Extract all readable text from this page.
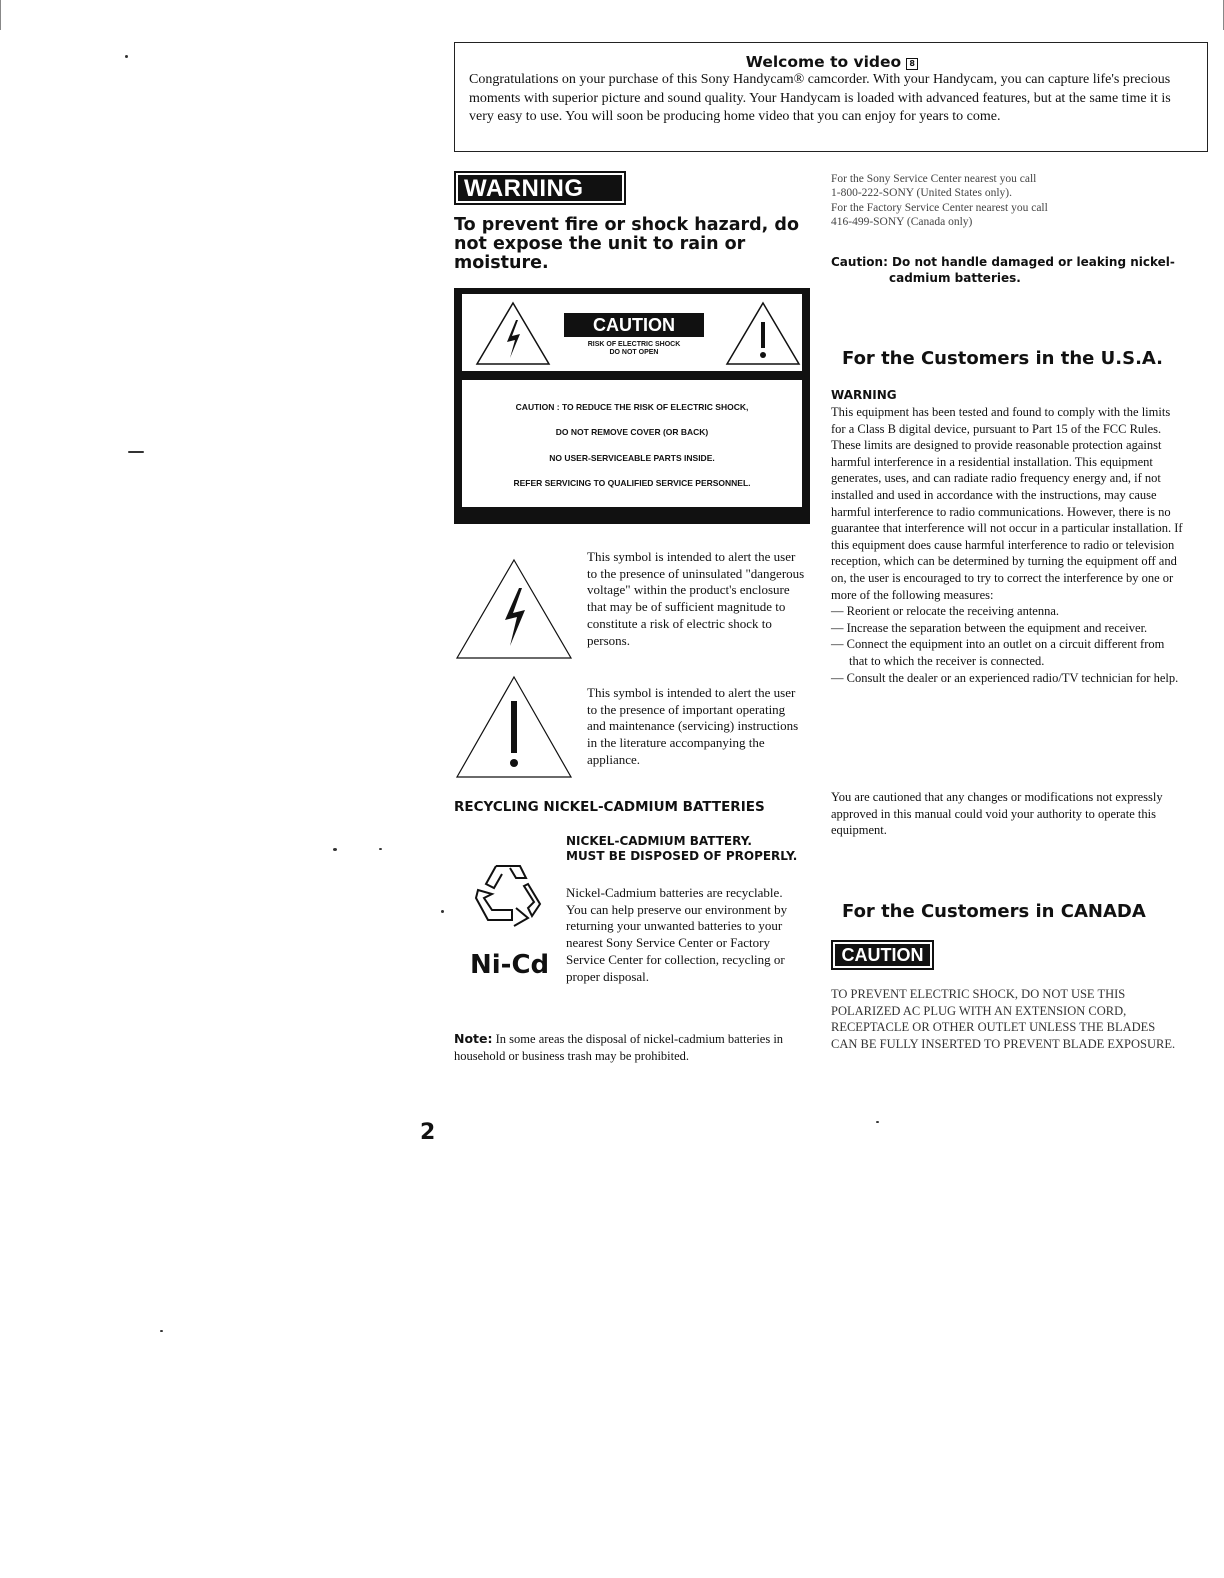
Welcome to video 8
Congratulations on your purchase of this Sony Handycam® camcorder. With your Handycam, you can capture life's precious moments with superior picture and sound quality. Your Handycam is loaded with advanced features, but at the same time it is very easy to use. You will soon be producing home video that you can enjoy for years to come.
WARNING
To prevent fire or shock hazard, do not expose the unit to rain or moisture.
CAUTION
RISK OF ELECTRIC SHOCK
DO NOT OPEN
CAUTION : TO REDUCE THE RISK OF ELECTRIC SHOCK,
DO NOT REMOVE COVER (OR BACK)
NO USER-SERVICEABLE PARTS INSIDE.
REFER SERVICING TO QUALIFIED SERVICE PERSONNEL.
This symbol is intended to alert the user to the presence of uninsulated "dangerous voltage" within the product's enclosure that may be of sufficient magnitude to constitute a risk of electric shock to persons.
This symbol is intended to alert the user to the presence of important operating and maintenance (servicing) instructions in the literature accompanying the appliance.
RECYCLING NICKEL-CADMIUM BATTERIES
NICKEL-CADMIUM BATTERY.
MUST BE DISPOSED OF PROPERLY.
Ni-Cd
Nickel-Cadmium batteries are recyclable. You can help preserve our environment by returning your unwanted batteries to your nearest Sony Service Center or Factory Service Center for collection, recycling or proper disposal.
Note: In some areas the disposal of nickel-cadmium batteries in household or business trash may be prohibited.
2
For the Sony Service Center nearest you call
1-800-222-SONY (United States only).
For the Factory Service Center nearest you call
416-499-SONY (Canada only)
Caution: Do not handle damaged or leaking nickel-
cadmium batteries.
For the Customers in the U.S.A.
WARNING
This equipment has been tested and found to comply with the limits for a Class B digital device, pursuant to Part 15 of the FCC Rules. These limits are designed to provide reasonable protection against harmful interference in a residential installation. This equipment generates, uses, and can radiate radio frequency energy and, if not installed and used in accordance with the instructions, may cause harmful interference to radio communications. However, there is no guarantee that interference will not occur in a particular installation. If this equipment does cause harmful interference to radio or television reception, which can be determined by turning the equipment off and on, the user is encouraged to try to correct the interference by one or more of the following measures:
— Reorient or relocate the receiving antenna.
— Increase the separation between the equipment and receiver.
— Connect the equipment into an outlet on a circuit different from that to which the receiver is connected.
— Consult the dealer or an experienced radio/TV technician for help.
You are cautioned that any changes or modifications not expressly approved in this manual could void your authority to operate this equipment.
For the Customers in CANADA
CAUTION
TO PREVENT ELECTRIC SHOCK, DO NOT USE THIS POLARIZED AC PLUG WITH AN EXTENSION CORD, RECEPTACLE OR OTHER OUTLET UNLESS THE BLADES CAN BE FULLY INSERTED TO PREVENT BLADE EXPOSURE.
